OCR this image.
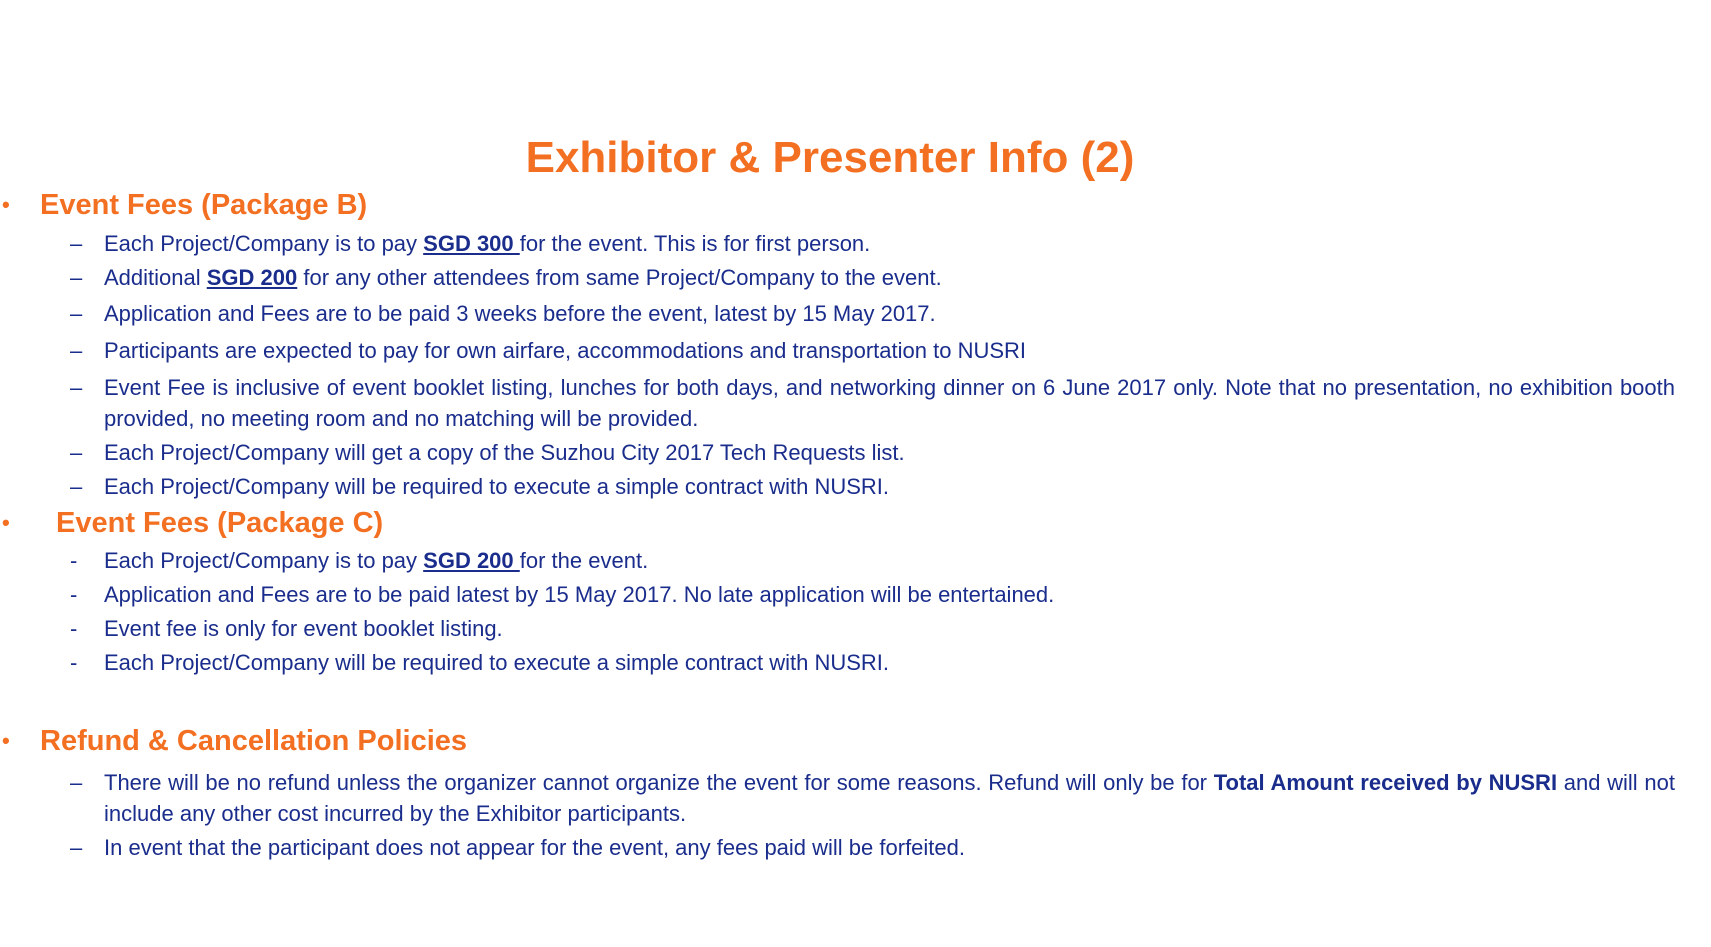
Exhibitor & Presenter Info (2)
•	Event Fees (Package B)
– Each Project/Company is to pay SGD 300 for the event. This is for first person.
– Additional SGD 200 for any other attendees from same Project/Company to the event.
– Application and Fees are to be paid 3 weeks before the event, latest by 15 May 2017.
– Participants are expected to pay for own airfare, accommodations and transportation to NUSRI
– Event Fee is inclusive of event booklet listing, lunches for both days, and networking dinner on 6 June 2017 only. Note that no presentation, no exhibition booth provided, no meeting room and no matching will be provided.
– Each Project/Company will get a copy of the Suzhou City 2017 Tech Requests list.
– Each Project/Company will be required to execute a simple contract with NUSRI.
•	Event Fees (Package C)
-	Each Project/Company is to pay SGD 200 for the event.
-	Application and Fees are to be paid latest by 15 May 2017. No late application will be entertained.
-	Event fee is only for event booklet listing.
-	Each Project/Company will be required to execute a simple contract with NUSRI.
•	Refund & Cancellation Policies
– There will be no refund unless the organizer cannot organize the event for some reasons. Refund will only be for Total Amount received by NUSRI and will not include any other cost incurred by the Exhibitor participants.
– In event that the participant does not appear for the event, any fees paid will be forfeited.
